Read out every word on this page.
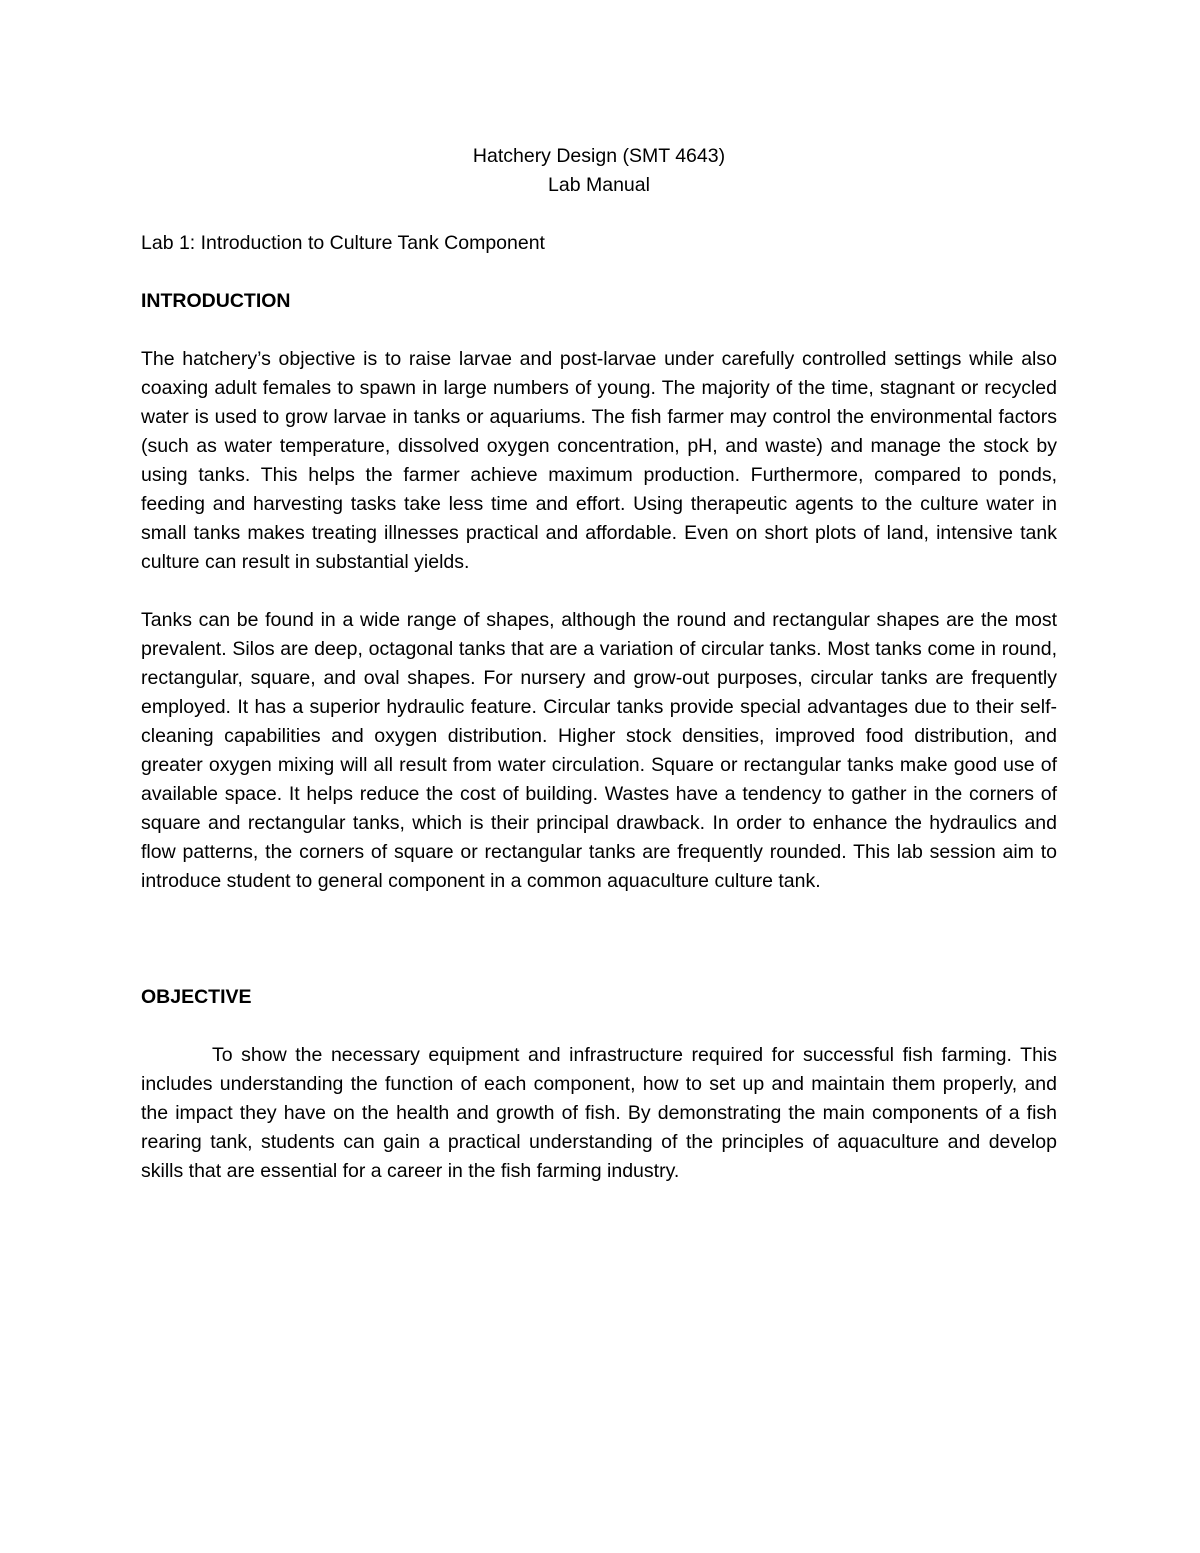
Hatchery Design (SMT 4643)

Lab Manual

Lab 1: Introduction to Culture Tank Component

INTRODUCTION

The hatchery’s objective is to raise larvae and post-larvae under carefully controlled settings while also coaxing adult females to spawn in large numbers of young. The majority of the time, stagnant or recycled water is used to grow larvae in tanks or aquariums. The fish farmer may control the environmental factors (such as water temperature, dissolved oxygen concentration, pH, and waste) and manage the stock by using tanks. This helps the farmer achieve maximum production. Furthermore, compared to ponds, feeding and harvesting tasks take less time and effort. Using therapeutic agents to the culture water in small tanks makes treating illnesses practical and affordable. Even on short plots of land, intensive tank culture can result in substantial yields.

Tanks can be found in a wide range of shapes, although the round and rectangular shapes are the most prevalent. Silos are deep, octagonal tanks that are a variation of circular tanks. Most tanks come in round, rectangular, square, and oval shapes. For nursery and grow-out purposes, circular tanks are frequently employed. It has a superior hydraulic feature. Circular tanks provide special advantages due to their self-cleaning capabilities and oxygen distribution. Higher stock densities, improved food distribution, and greater oxygen mixing will all result from water circulation. Square or rectangular tanks make good use of available space. It helps reduce the cost of building. Wastes have a tendency to gather in the corners of square and rectangular tanks, which is their principal drawback. In order to enhance the hydraulics and flow patterns, the corners of square or rectangular tanks are frequently rounded. This lab session aim to introduce student to general component in a common aquaculture culture tank.

OBJECTIVE

To show the necessary equipment and infrastructure required for successful fish farming. This includes understanding the function of each component, how to set up and maintain them properly, and the impact they have on the health and growth of fish. By demonstrating the main components of a fish rearing tank, students can gain a practical understanding of the principles of aquaculture and develop skills that are essential for a career in the fish farming industry.
